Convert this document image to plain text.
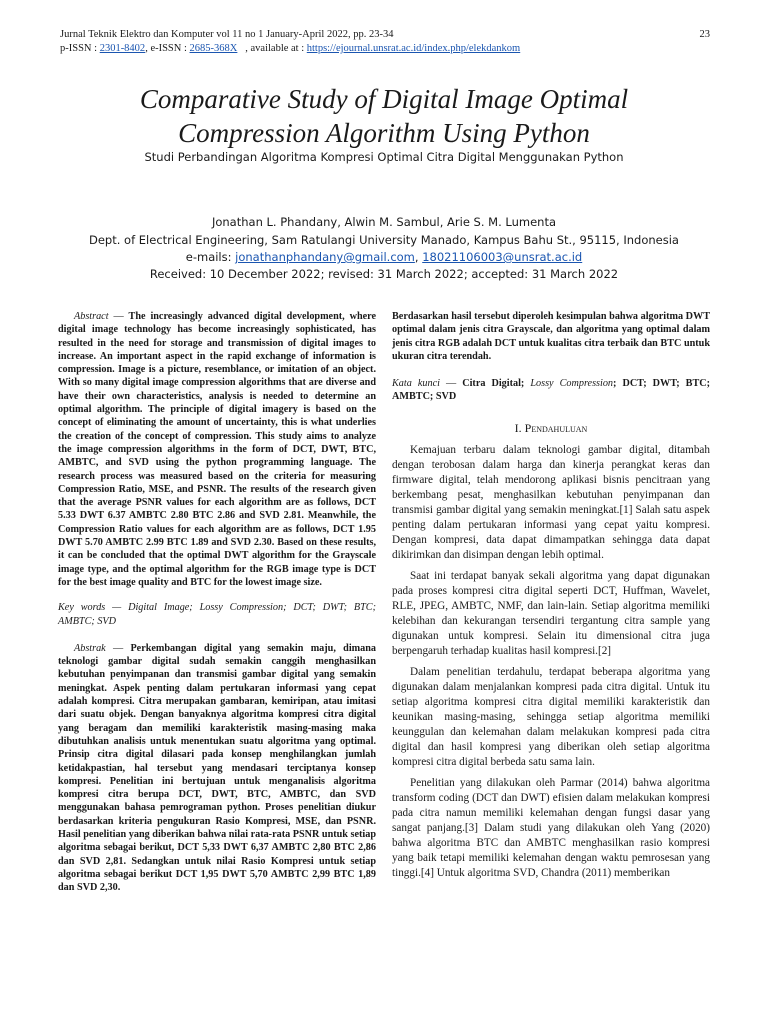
Jurnal Teknik Elektro dan Komputer vol 11 no 1 January-April 2022, pp. 23-34	23
p-ISSN : 2301-8402, e-ISSN : 2685-368X   , available at : https://ejournal.unsrat.ac.id/index.php/elekdankom
Comparative Study of Digital Image Optimal
Compression Algorithm Using Python
Studi Perbandingan Algoritma Kompresi Optimal Citra Digital Menggunakan Python
Jonathan L. Phandany, Alwin M. Sambul, Arie S. M. Lumenta
Dept. of Electrical Engineering, Sam Ratulangi University Manado, Kampus Bahu St., 95115, Indonesia
e-mails: jonathanphandany@gmail.com, 18021106003@unsrat.ac.id
Received: 10 December 2022; revised: 31 March 2022; accepted: 31 March 2022

Abstract — The increasingly advanced digital development, where digital image technology has become increasingly sophisticated, has resulted in the need for storage and transmission of digital images to increase. An important aspect in the rapid exchange of information is compression. Image is a picture, resemblance, or imitation of an object. With so many digital image compression algorithms that are diverse and have their own characteristics, analysis is needed to determine an optimal algorithm. The principle of digital imagery is based on the concept of eliminating the amount of uncertainty, this is what underlies the creation of the concept of compression. This study aims to analyze the image compression algorithms in the form of DCT, DWT, BTC, AMBTC, and SVD using the python programming language. The research process was measured based on the criteria for measuring Compression Ratio, MSE, and PSNR. The results of the research given that the average PSNR values for each algorithm are as follows, DCT 5.33 DWT 6.37 AMBTC 2.80 BTC 2.86 and SVD 2.81. Meanwhile, the Compression Ratio values for each algorithm are as follows, DCT 1.95 DWT 5.70 AMBTC 2.99 BTC 1.89 and SVD 2.30. Based on these results, it can be concluded that the optimal DWT algorithm for the Grayscale image type, and the optimal algorithm for the RGB image type is DCT for the best image quality and BTC for the lowest image size.

Key words — Digital Image; Lossy Compression; DCT; DWT; BTC; AMBTC; SVD

Abstrak — Perkembangan digital yang semakin maju, dimana teknologi gambar digital sudah semakin canggih menghasilkan kebutuhan penyimpanan dan transmisi gambar digital yang semakin meningkat. Aspek penting dalam pertukaran informasi yang cepat adalah kompresi. Citra merupakan gambaran, kemiripan, atau imitasi dari suatu objek. Dengan banyaknya algoritma kompresi citra digital yang beragam dan memiliki karakteristik masing-masing maka dibutuhkan analisis untuk menentukan suatu algoritma yang optimal. Prinsip citra digital dilasari pada konsep menghilangkan jumlah ketidakpastian, hal tersebut yang mendasari terciptanya konsep kompresi. Penelitian ini bertujuan untuk menganalisis algoritma kompresi citra berupa DCT, DWT, BTC, AMBTC, dan SVD menggunakan bahasa pemrograman python. Proses penelitian diukur berdasarkan kriteria pengukuran Rasio Kompresi, MSE, dan PSNR. Hasil penelitian yang diberikan bahwa nilai rata-rata PSNR untuk setiap algoritma sebagai berikut, DCT 5,33 DWT 6,37 AMBTC 2,80 BTC 2,86 dan SVD 2,81. Sedangkan untuk nilai Rasio Kompresi untuk setiap algoritma sebagai berikut DCT 1,95 DWT 5,70 AMBTC 2,99 BTC 1,89 dan SVD 2,30.

Berdasarkan hasil tersebut diperoleh kesimpulan bahwa algoritma DWT optimal dalam jenis citra Grayscale, dan algoritma yang optimal dalam jenis citra RGB adalah DCT untuk kualitas citra terbaik dan BTC untuk ukuran citra terendah.

Kata kunci — Citra Digital; Lossy Compression; DCT; DWT; BTC; AMBTC; SVD

I. Pendahuluan

Kemajuan terbaru dalam teknologi gambar digital, ditambah dengan terobosan dalam harga dan kinerja perangkat keras dan firmware digital, telah mendorong aplikasi bisnis pencitraan yang berkembang pesat, menghasilkan kebutuhan penyimpanan dan transmisi gambar digital yang semakin meningkat.[1] Salah satu aspek penting dalam pertukaran informasi yang cepat yaitu kompresi. Dengan kompresi, data dapat dimampatkan sehingga data dapat dikirimkan dan disimpan dengan lebih optimal.

Saat ini terdapat banyak sekali algoritma yang dapat digunakan pada proses kompresi citra digital seperti DCT, Huffman, Wavelet, RLE, JPEG, AMBTC, NMF, dan lain-lain. Setiap algoritma memiliki kelebihan dan kekurangan tersendiri tergantung citra sample yang digunakan untuk kompresi. Selain itu dimensional citra juga berpengaruh terhadap kualitas hasil kompresi.[2]

Dalam penelitian terdahulu, terdapat beberapa algoritma yang digunakan dalam menjalankan kompresi pada citra digital. Untuk itu setiap algoritma kompresi citra digital memiliki karakteristik dan keunikan masing-masing, sehingga setiap algoritma memiliki keunggulan dan kelemahan dalam melakukan kompresi pada citra digital dan hasil kompresi yang diberikan oleh setiap algoritma kompresi citra digital berbeda satu sama lain.

Penelitian yang dilakukan oleh Parmar (2014) bahwa algoritma transform coding (DCT dan DWT) efisien dalam melakukan kompresi pada citra namun memiliki kelemahan dengan fungsi dasar yang sangat panjang.[3] Dalam studi yang dilakukan oleh Yang (2020) bahwa algoritma BTC dan AMBTC menghasilkan rasio kompresi yang baik tetapi memiliki kelemahan dengan waktu pemrosesan yang tinggi.[4] Untuk algoritma SVD, Chandra (2011) memberikan
